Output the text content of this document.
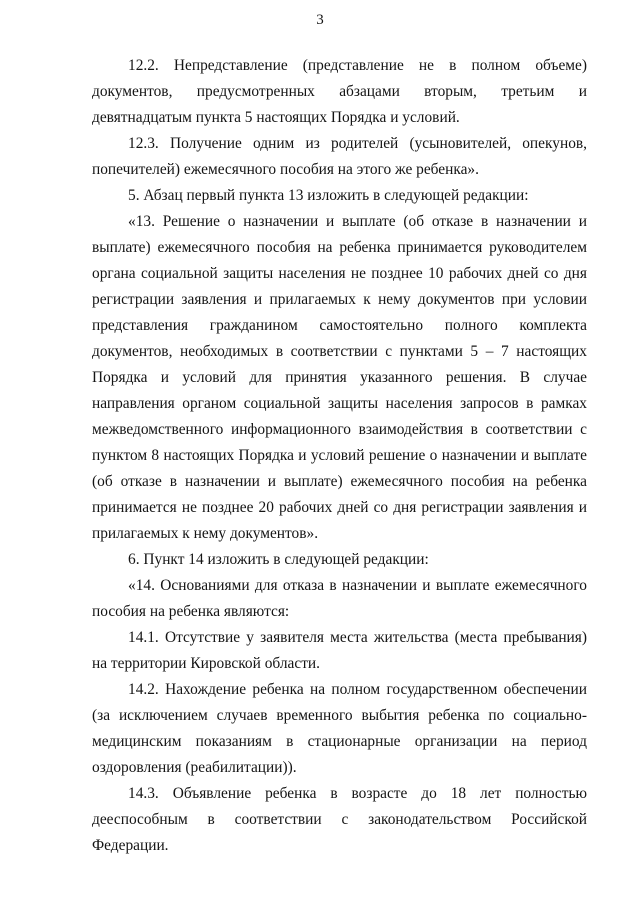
3

12.2. Непредставление (представление не в полном объеме) документов, предусмотренных абзацами вторым, третьим и девятнадцатым пункта 5 настоящих Порядка и условий.

12.3. Получение одним из родителей (усыновителей, опекунов, попечителей) ежемесячного пособия на этого же ребенка».

5. Абзац первый пункта 13 изложить в следующей редакции:

«13. Решение о назначении и выплате (об отказе в назначении и выплате) ежемесячного пособия на ребенка принимается руководителем органа социальной защиты населения не позднее 10 рабочих дней со дня регистрации заявления и прилагаемых к нему документов при условии представления гражданином самостоятельно полного комплекта документов, необходимых в соответствии с пунктами 5 – 7 настоящих Порядка и условий для принятия указанного решения. В случае направления органом социальной защиты населения запросов в рамках межведомственного информационного взаимодействия в соответствии с пунктом 8 настоящих Порядка и условий решение о назначении и выплате (об отказе в назначении и выплате) ежемесячного пособия на ребенка принимается не позднее 20 рабочих дней со дня регистрации заявления и прилагаемых к нему документов».

6. Пункт 14 изложить в следующей редакции:

«14. Основаниями для отказа в назначении и выплате ежемесячного пособия на ребенка являются:

14.1. Отсутствие у заявителя места жительства (места пребывания) на территории Кировской области.

14.2. Нахождение ребенка на полном государственном обеспечении (за исключением случаев временного выбытия ребенка по социально-медицинским показаниям в стационарные организации на период оздоровления (реабилитации)).

14.3. Объявление ребенка в возрасте до 18 лет полностью дееспособным в соответствии с законодательством Российской Федерации.
